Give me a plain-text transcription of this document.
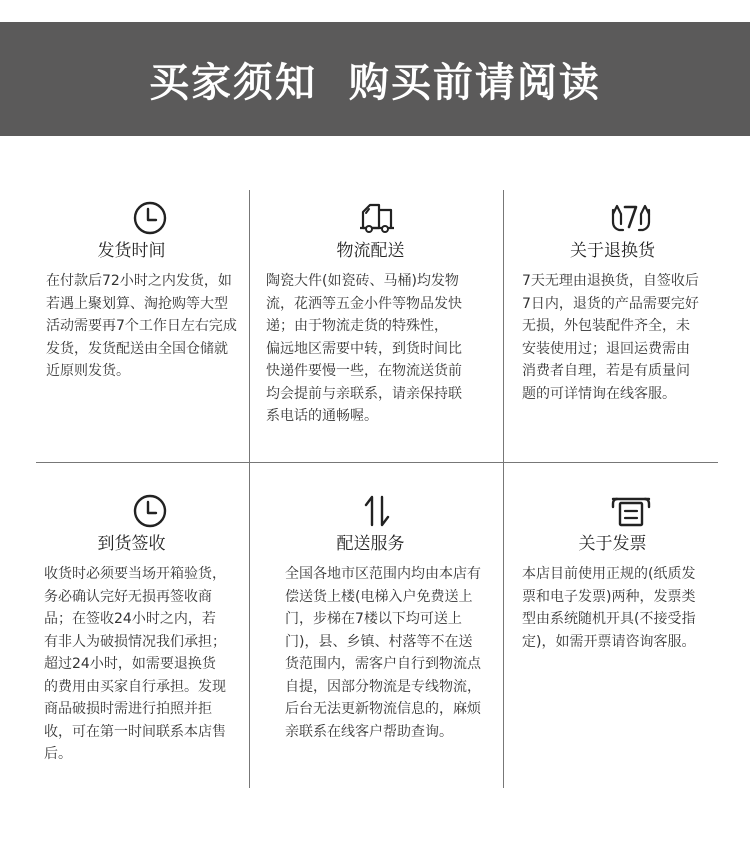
买家须知  购买前请阅读
发货时间
在付款后72小时之内发货，如若遇上聚划算、淘抢购等大型活动需要再7个工作日左右完成发货，发货配送由全国仓储就近原则发货。
物流配送
陶瓷大件(如瓷砖、马桶)均发物流，花洒等五金小件等物品发快递；由于物流走货的特殊性， 偏远地区需要中转，到货时间比快递件要慢一些，在物流送货前均会提前与亲联系，请亲保持联系电话的通畅喔。
关于退换货
7天无理由退换货，自签收后7日内，退货的产品需要完好无损，外包装配件齐全，未安装使用过；退回运费需由消费者自理，若是有质量问题的可详情询在线客服。
到货签收
收货时必须要当场开箱验货，务必确认完好无损再签收商品；在签收24小时之内，若有非人为破损情况我们承担；超过24小时，如需要退换货的费用由买家自行承担。发现商品破损时需进行拍照并拒收，可在第一时间联系本店售后。
配送服务
全国各地市区范围内均由本店有偿送货上楼(电梯入户免费送上门，步梯在7楼以下均可送上门)，县、乡镇、村落等不在送货范围内，需客户自行到物流点自提，因部分物流是专线物流，后台无法更新物流信息的，麻烦亲联系在线客户帮助查询。
关于发票
本店目前使用正规的(纸质发票和电子发票)两种，发票类型由系统随机开具(不接受指定)，如需开票请咨询客服。
